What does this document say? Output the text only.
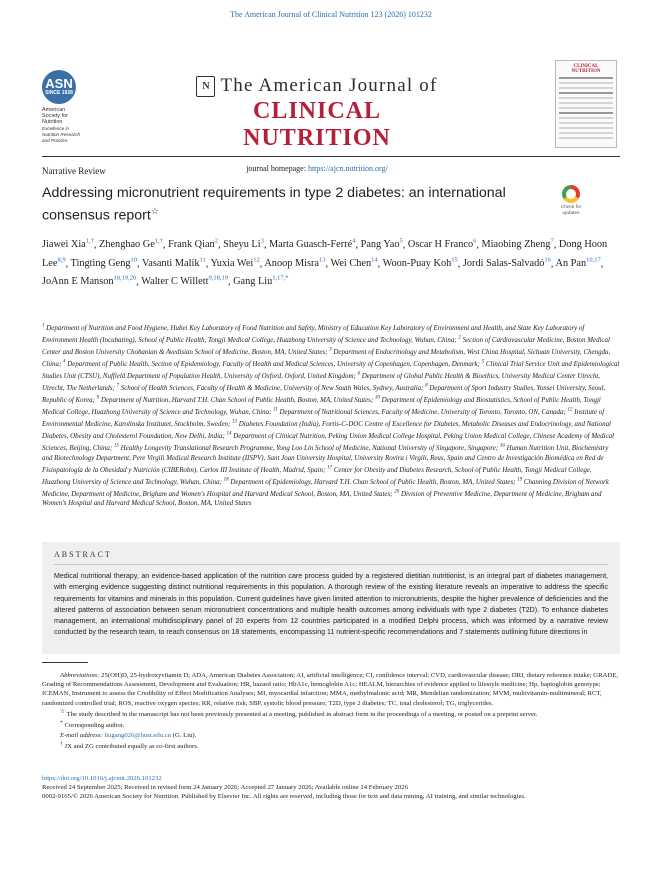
The American Journal of Clinical Nutrition 123 (2026) 101232
ASN
SINCE 1928
American
Society for
Nutrition
Excellence in
Nutrition Research
and Practice
N The American Journal of
CLINICAL NUTRITION
journal homepage: https://ajcn.nutrition.org/
CLINICAL NUTRITION
Narrative Review
Addressing micronutrient requirements in type 2 diabetes: an international consensus report☆	Check for
updates
Jiawei Xia$^{1,\dagger}$, Zhenghao $Ge^{1,\dagger}$, Frank Qian$^2$, Sheyu Li$^3$, Marta Guasch-Ferré$^4$, Pang Yao$^5$, Oscar H Franco$^6$, Miaobing Zheng$^7$, Dong Hoon Lee$^{8,9}$, Tingting Geng$^{10}$, Vasanti Malik$^{11}$, Yuxia Wei$^{12}$, Anoop Misra$^{13}$, Wei Chen$^{14}$, Woon-Puay Koh$^{15}$, Jordi Salas-Salvadó$^{16}$, An Pan$^{10,17}$, JoAnn E Manson$^{18,19,20}$, Walter C Willett$^{9,18,19}$, Gang Liu$^{1,17,*}$
$^1$ Department of Nutrition and Food Hygiene, Hubei Key Laboratory of Food Nutrition and Safety, Ministry of Education Key Laboratory of Environment and Health, and State Key Laboratory of Environment Health (Incubating), School of Public Health, Tongji Medical College, Huazhong University of Science and Technology, Wuhan, China; $^2$ Section of Cardiovascular Medicine, Boston Medical Center and Boston University Chobanian & Avedisian School of Medicine, Boston, MA, United States; $^3$ Department of Endocrinology and Metabolism, West China Hospital, Sichuan University, Chengdu, China; $^4$ Department of Public Health, Section of Epidemiology, Faculty of Health and Medical Sciences, University of Copenhagen, Copenhagen, Denmark; $^5$ Clinical Trial Service Unit and Epidemiological Studies Unit (CTSU), Nuffield Department of Population Health, University of Oxford, Oxford, United Kingdom; $^6$ Department of Global Public Health & Bioethics, University Medical Center Utrecht, Utrecht, The Netherlands; $^7$ School of Health Sciences, Faculty of Health & Medicine, University of New South Wales, Sydney, Australia; $^8$ Department of Sport Industry Studies, Yonsei University, Seoul, Republic of Korea; $^9$ Department of Nutrition, Harvard T.H. Chan School of Public Health, Boston, MA, United States; $^{10}$ Department of Epidemiology and Biostatistics, School of Public Health, Tongji Medical College, Huazhong University of Science and Technology, Wuhan, China; $^{11}$ Department of Nutritional Sciences, Faculty of Medicine, University of Toronto, Toronto, ON, Canada; $^{12}$ Institute of Environmental Medicine, Karolinska Institutet, Stockholm, Sweden; $^{13}$ Diabetes Foundation (India), Fortis-C-DOC Centre of Excellence for Diabetes, Metabolic Diseases and Endocrinology, and National Diabetes, Obesity and Cholesterol Foundation, New Delhi, India; $^{14}$ Department of Clinical Nutrition, Peking Union Medical College Hospital, Peking Union Medical College, Chinese Academy of Medical Sciences, Beijing, China; $^{15}$ Healthy Longevity Translational Research Programme, Yong Loo Lin School of Medicine, National University of Singapore, Singapore; $^{16}$ Human Nutrition Unit, Biochemistry and Biotechnology Department, Pere Virgili Medical Research Institute (IISPV), Sant Joan University Hospital, University Rovira i Virgili, Reus, Spain and Centro de Investigación Biomédica en Red de Fisiopatología de la Obesidad y Nutrición (CIBERobn), Carlos III Institute of Health, Madrid, Spain; $^{17}$ Center for Obesity and Diabetes Research, School of Public Health, Tongji Medical College, Huazhong University of Science and Technology, Wuhan, China; $^{18}$ Department of Epidemiology, Harvard T.H. Chan School of Public Health, Boston, MA, United States; $^{19}$ Channing Division of Network Medicine, Department of Medicine, Brigham and Women's Hospital and Harvard Medical School, Boston, MA, United States; $^{20}$ Division of Preventive Medicine, Department of Medicine, Brigham and Women's Hospital and Harvard Medical School, Boston, MA, United States
ABSTRACT
Medical nutritional therapy, an evidence-based application of the nutrition care process guided by a registered dietitian nutritionist, is an integral part of diabetes management, with emerging evidence suggesting distinct nutritional requirements in this population. A thorough review of the existing literature reveals an imperative to address the specific requirements for vitamins and minerals in this population. Current guidelines have given limited attention to micronutrients, despite the higher prevalence of deficiencies and the altered patterns of association between serum micronutrient concentrations and multiple health outcomes among individuals with type 2 diabetes (T2D). To enhance diabetes management, an international multidisciplinary panel of 20 experts from 12 countries participated in a modified Delphi process, which was informed by a narrative review conducted by the research team, to reach consensus on 18 statements, encompassing 11 nutrient-specific recommendations and 7 statements outlining future directions in

Abbreviations: 25(OH)D, 25-hydroxyvitamin D; ADA, American Diabetes Association; AI, artificial intelligence; CI, confidence interval; CVD, cardiovascular disease; DRI, dietary reference intake; GRADE, Grading of Recommendations Assessment, Development and Evaluation; HR, hazard ratio; HbA1c, hemoglobin A1c; HEALM, hierarchies of evidence applied to lifestyle medicine; Hp, haptoglobin genotype; ICEMAN, Instrument to assess the Credibility of Effect Modification Analyses; MI, myocardial infarction; MMA, methylmalonic acid; MR, Mendelian randomization; MVM, multivitamin-multimineral; RCT, randomized controlled trial; ROS, reactive oxygen species; RR, relative risk; SBP, systolic blood pressure; T2D, type 2 diabetes; TC, total cholesterol; TG, triglycerides.

☆ The study described in the manuscript has not been previously presented at a meeting, published in abstract form in the proceedings of a meeting, or posted on a preprint server.

* Corresponding author.

E-mail address: liugang026@hust.edu.cn (G. Liu).

† JX and ZG contributed equally as co-first authors.

https://doi.org/10.1016/j.ajcnut.2026.101232
Received 24 September 2025; Received in revised form 24 January 2026; Accepted 27 January 2026; Available online 14 February 2026
0002-9165/© 2026 American Society for Nutrition. Published by Elsevier Inc. All rights are reserved, including those for text and data mining, AI training, and similar technologies.
